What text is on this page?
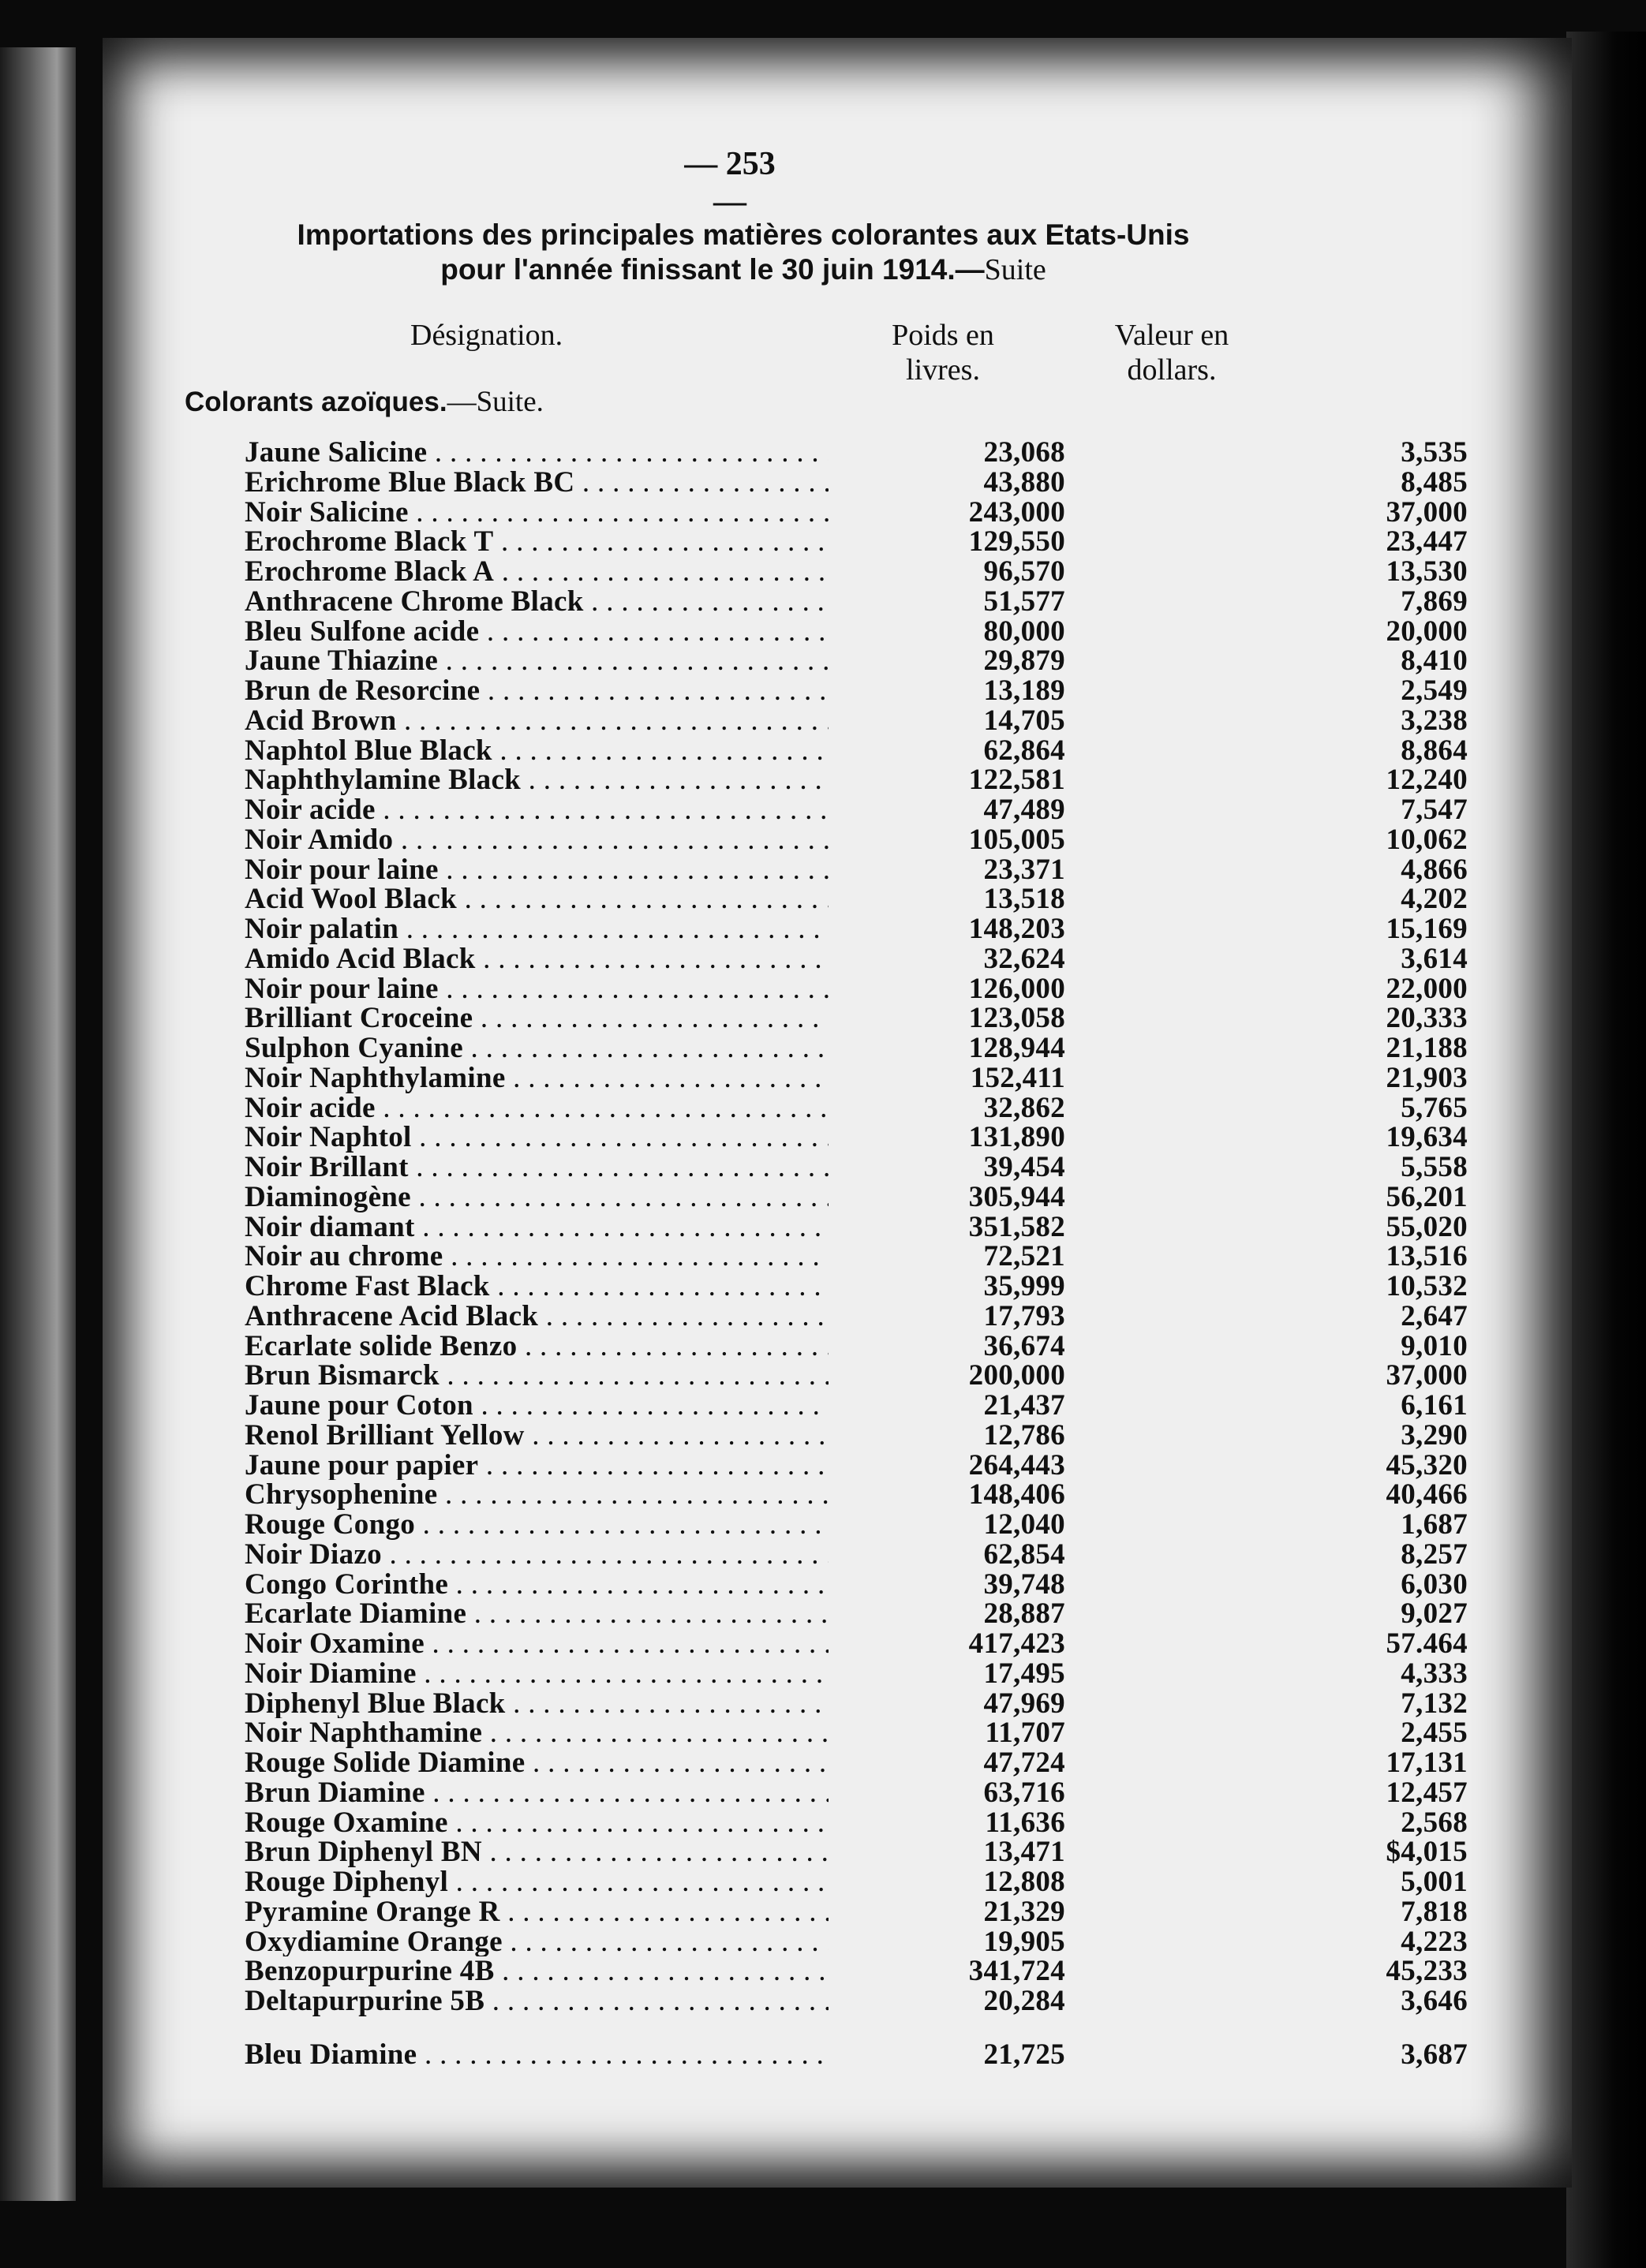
— 253 —
Importations des principales matières colorantes aux Etats-Unis
pour l'année finissant le 30 juin 1914.—Suite
Désignation.	Poids en
livres.
Valeur en
dollars.
Colorants azoïques.—Suite.
Jaune Salicine . . .	23,068	3,535
Erichrome Blue Black BC . . .	43,880	8,485
Noir Salicine . . .	243,000	37,000
Erochrome Black T . . .	129,550	23,447
Erochrome Black A . . .	96,570	13,530
Anthracene Chrome Black . . .	51,577	7,869
Bleu Sulfone acide . . .	80,000	20,000
Jaune Thiazine . . .	29,879	8,410
Brun de Resorcine . . .	13,189	2,549
Acid Brown . . .	14,705	3,238
Naphtol Blue Black . . .	62,864	8,864
Naphthylamine Black . . .	122,581	12,240
Noir acide . . .	47,489	7,547
Noir Amido . . .	105,005	10,062
Noir pour laine . . .	23,371	4,866
Acid Wool Black . . .	13,518	4,202
Noir palatin . . .	148,203	15,169
Amido Acid Black . . .	32,624	3,614
Noir pour laine . . .	126,000	22,000
Brilliant Croceine . . .	123,058	20,333
Sulphon Cyanine . . .	128,944	21,188
Noir Naphthylamine . . .	152,411	21,903
Noir acide . . .	32,862	5,765
Noir Naphtol . . .	131,890	19,634
Noir Brillant . . .	39,454	5,558
Diaminogène . . .	305,944	56,201
Noir diamant . . .	351,582	55,020
Noir au chrome . . .	72,521	13,516
Chrome Fast Black . . .	35,999	10,532
Anthracene Acid Black . . .	17,793	2,647
Ecarlate solide Benzo . . .	36,674	9,010
Brun Bismarck . . .	200,000	37,000
Jaune pour Coton . . .	21,437	6,161
Renol Brilliant Yellow . . .	12,786	3,290
Jaune pour papier . . .	264,443	45,320
Chrysophenine . . .	148,406	40,466
Rouge Congo . . .	12,040	1,687
Noir Diazo . . .	62,854	8,257
Congo Corinthe . . .	39,748	6,030
Ecarlate Diamine . . .	28,887	9,027
Noir Oxamine . . .	417,423	57.464
Noir Diamine . . .	17,495	4,333
Diphenyl Blue Black . . .	47,969	7,132
Noir Naphthamine . . .	11,707	2,455
Rouge Solide Diamine . . .	47,724	17,131
Brun Diamine . . .	63,716	12,457
Rouge Oxamine . . .	11,636	2,568
Brun Diphenyl BN . . .	13,471	$4,015
Rouge Diphenyl . . .	12,808	5,001
Pyramine Orange R . . .	21,329	7,818
Oxydiamine Orange . . .	19,905	4,223
Benzopurpurine 4B . . .	341,724	45,233
Deltapurpurine 5B . . .	20,284	3,646
Bleu Diamine . . .	21,725	3,687
